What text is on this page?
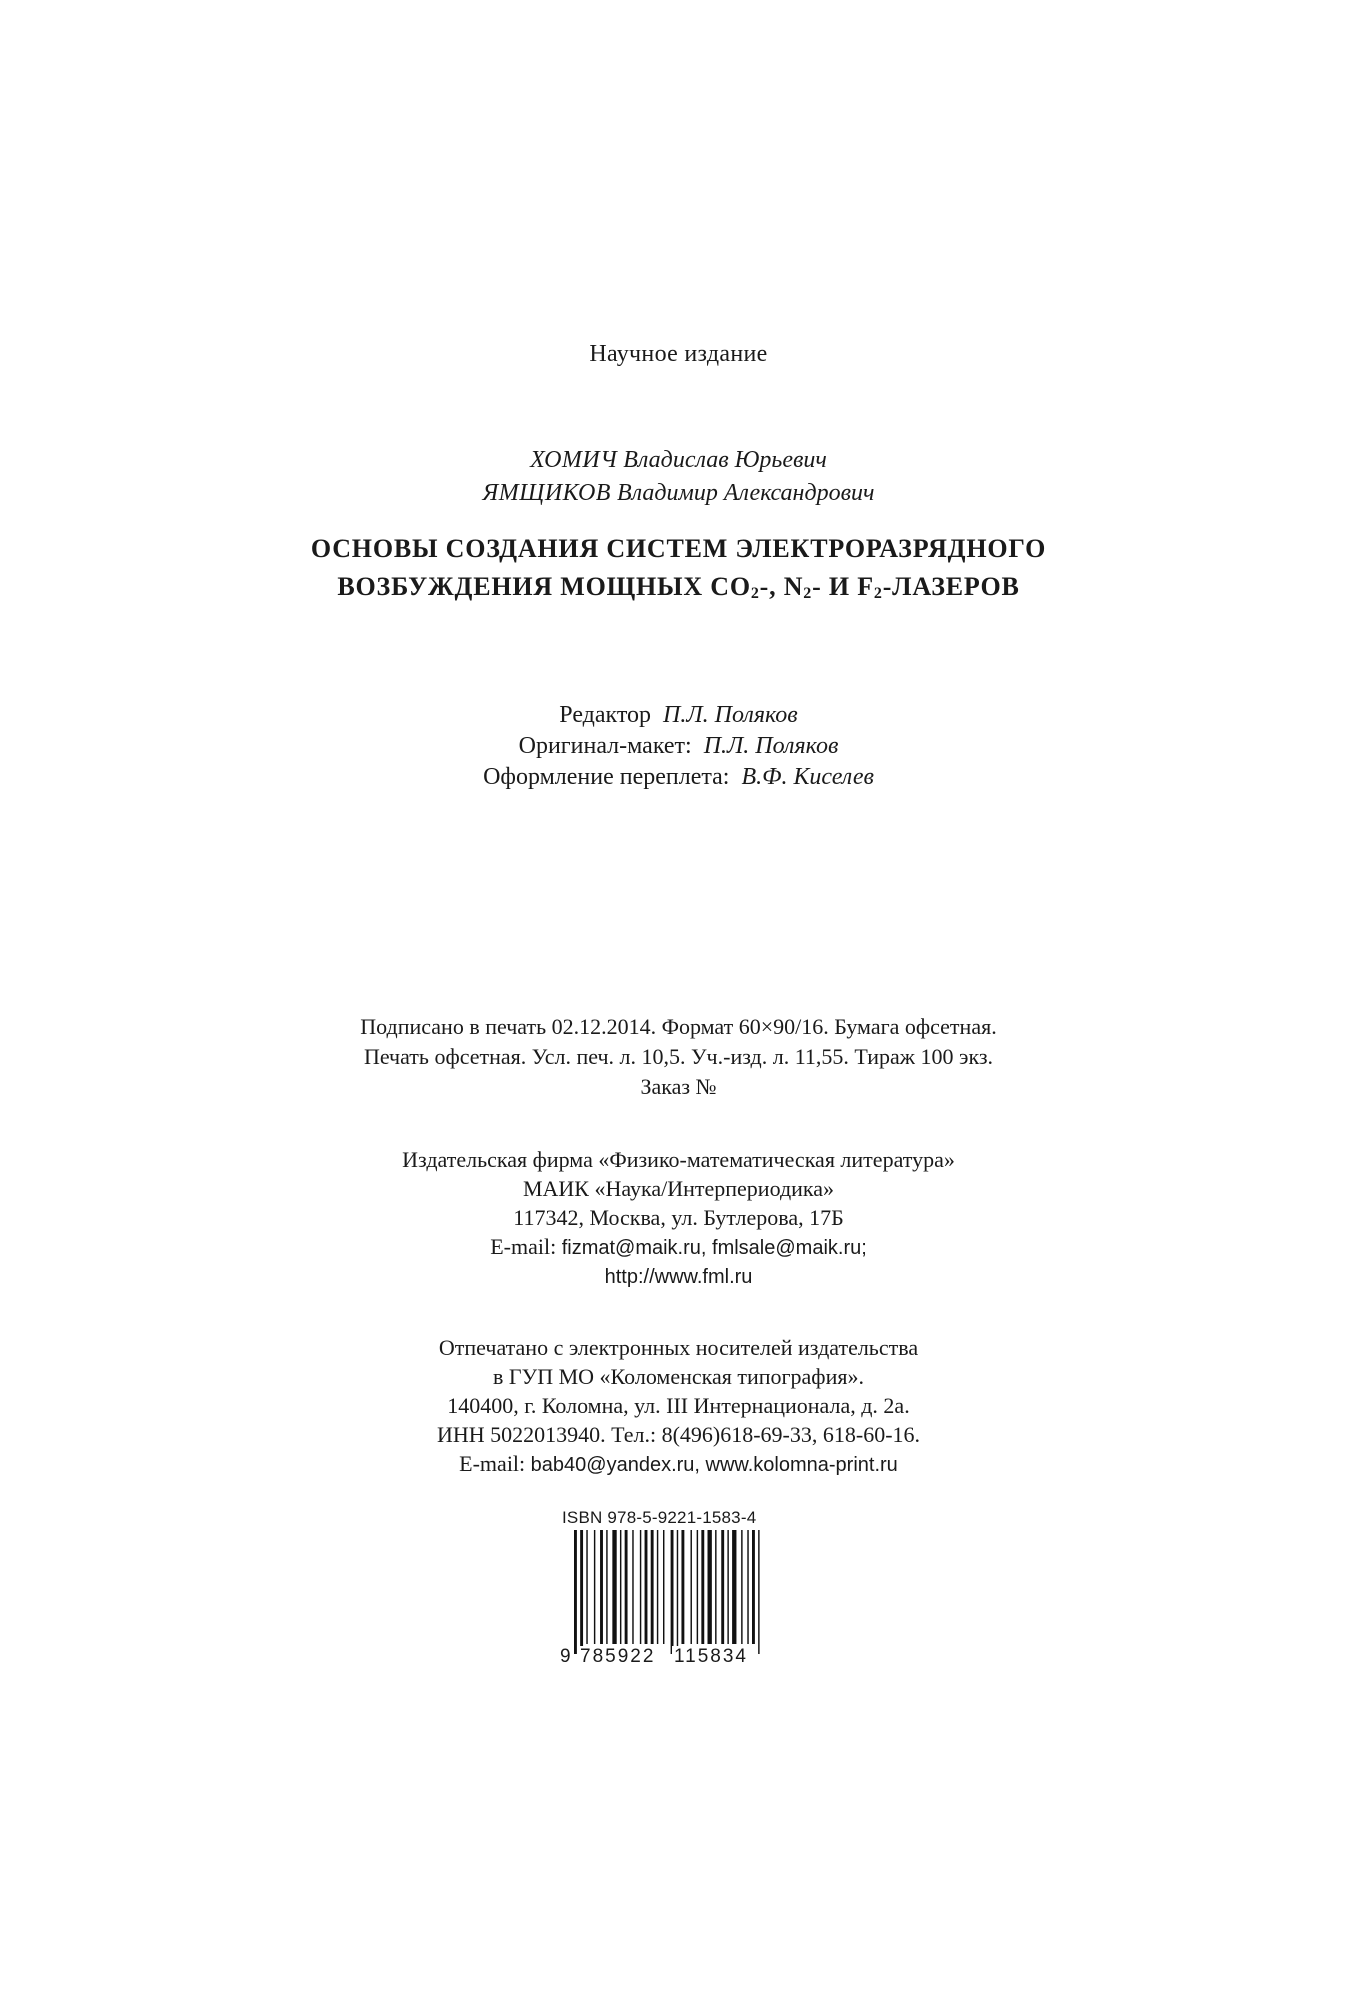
Научное издание
ХОМИЧ Владислав Юрьевич
ЯМЩИКОВ Владимир Александрович
ОСНОВЫ СОЗДАНИЯ СИСТЕМ ЭЛЕКТРОРАЗРЯДНОГО
ВОЗБУЖДЕНИЯ МОЩНЫХ $CO_2-$, $N_2-$ И $F_2$-ЛАЗЕРОВ
Редактор П.Л. Поляков
Оригинал-макет: П.Л. Поляков
Оформление переплета: В.Ф. Киселев
Подписано в печать 02.12.2014. Формат 60×90/16. Бумага офсетная.
Печать офсетная. Усл. печ. л. 10,5. Уч.-изд. л. 11,55. Тираж 100 экз.
Заказ №
Издательская фирма «Физико-математическая литература»
МАИК «Наука/Интерпериодика»
117342, Москва, ул. Бутлерова, 17Б
E-mail: fizmat@maik.ru, fmlsale@maik.ru;
http://www.fml.ru
Отпечатано с электронных носителей издательства
в ГУП МО «Коломенская типография».
140400, г. Коломна, ул. III Интернационала, д. 2а.
ИНН 5022013940. Тел.: 8(496)618-69-33, 618-60-16.
E-mail: bab40@yandex.ru, www.kolomna-print.ru
ISBN 978-5-9221-1583-4
9 785922 115834
